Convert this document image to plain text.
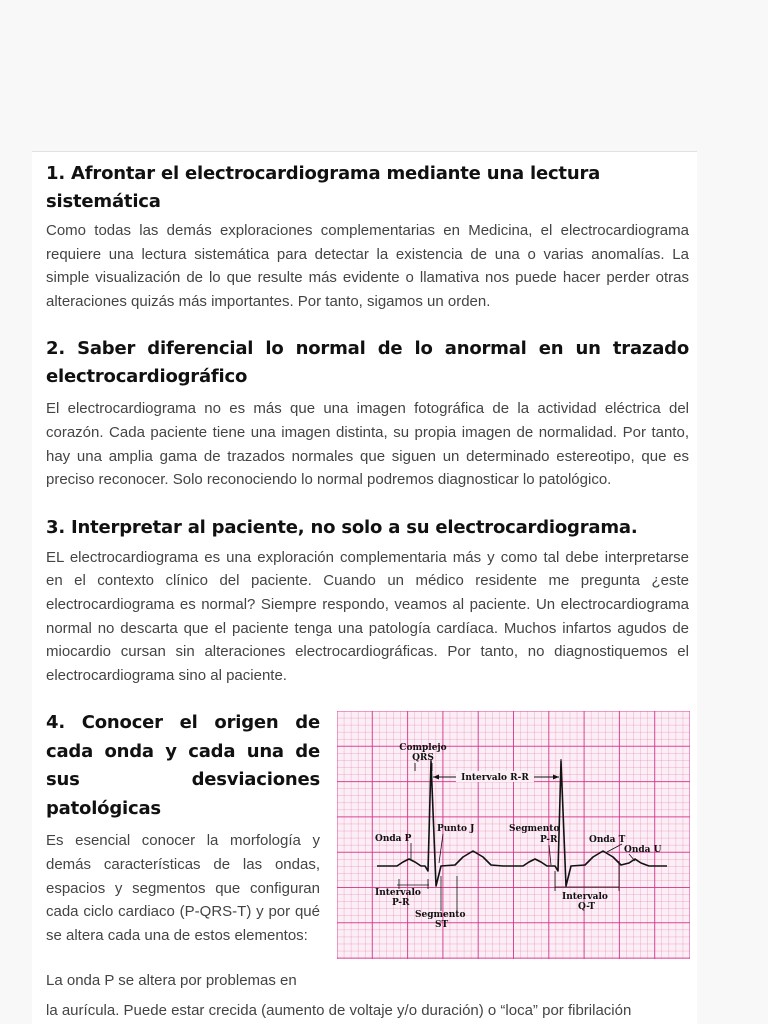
1. Afrontar el electrocardiograma mediante una lectura sistemática

Como todas las demás exploraciones complementarias en Medicina, el electrocardiograma requiere una lectura sistemática para detectar la existencia de una o varias anomalías. La simple visualización de lo que resulte más evidente o llamativa nos puede hacer perder otras alteraciones quizás más importantes. Por tanto, sigamos un orden.

2. Saber diferencial lo normal de lo anormal en un trazado electrocardiográfico

El electrocardiograma no es más que una imagen fotográfica de la actividad eléctrica del corazón. Cada paciente tiene una imagen distinta, su propia imagen de normalidad. Por tanto, hay una amplia gama de trazados normales que siguen un determinado estereotipo, que es preciso reconocer. Solo reconociendo lo normal podremos diagnosticar lo patológico.

3. Interpretar al paciente, no solo a su electrocardiograma.

EL electrocardiograma es una exploración complementaria más y como tal debe interpretarse en el contexto clínico del paciente. Cuando un médico residente me pregunta ¿este electrocardiograma es normal? Siempre respondo, veamos al paciente. Un electrocardiograma normal no descarta que el paciente tenga una patología cardíaca. Muchos infartos agudos de miocardio cursan sin alteraciones electrocardiográficas. Por tanto, no diagnostiquemos el electrocardiograma sino al paciente.

4. Conocer el origen de cada onda y cada una de sus desviaciones patológicas

Es esencial conocer la morfología y demás características de las ondas, espacios y segmentos que configuran cada ciclo cardiaco (P-QRS-T) y por qué se altera cada una de estos elementos:

La onda P se altera por problemas en

Intervalo R-R
Complejo
QRS
Onda P
Punto J	Segmento
P-R	Onda T
Onda U
Intervalo
P-R
Segmento
ST
Intervalo
Q-T

la aurícula. Puede estar crecida (aumento de voltaje y/o duración) o “loca” por fibrilación
